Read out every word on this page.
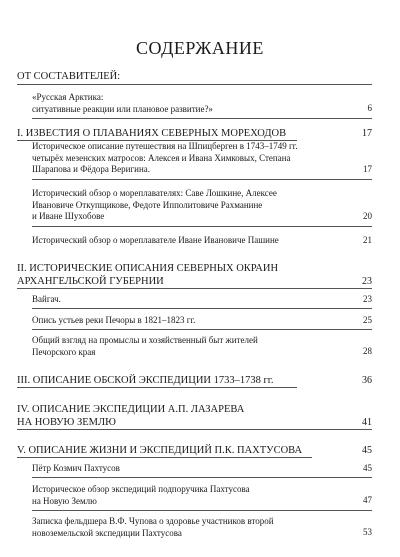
СОДЕРЖАНИЕ
ОТ СОСТАВИТЕЛЕЙ:
«Русская Арктика:
ситуативные реакции или плановое развитие?»	6
I. ИЗВЕСТИЯ О ПЛАВАНИЯХ СЕВЕРНЫХ МОРЕХОДОВ	17
Историческое описание путешествия на Шпицберген в 1743–1749 гг.
четырёх мезенских матросов: Алексея и Ивана Химковых, Степана
Шарапова и Фёдора Веригина.	17
Исторический обзор о мореплавателях: Саве Лошкине, Алексее
Ивановиче Откупщикове, Федоте Ипполитовиче Рахманине
и Иване Шухобове	20
Исторический обзор о мореплавателе Иване Ивановиче Пашине	21
II. ИСТОРИЧЕСКИЕ ОПИСАНИЯ СЕВЕРНЫХ ОКРАИН
АРХАНГЕЛЬСКОЙ ГУБЕРНИИ	23
Вайгач.	23
Опись устьев реки Печоры в 1821–1823 гг.	25
Общий взгляд на промыслы и хозяйственный быт жителей
Печорского края	28
III. ОПИСАНИЕ ОБСКОЙ ЭКСПЕДИЦИИ 1733–1738 гг.	36
IV. ОПИСАНИЕ ЭКСПЕДИЦИИ А.П. ЛАЗАРЕВА
НА НОВУЮ ЗЕМЛЮ	41
V. ОПИСАНИЕ ЖИЗНИ И ЭКСПЕДИЦИЙ П.К. ПАХТУСОВА	45
Пётр Козмич Пахтусов	45
Историческое обзор экспедиций подпоручика Пахтусова
на Новую Землю	47
Записка фельдшера В.Ф. Чупова о здоровье участников второй
новоземельской экспедиции Пахтусова	53
